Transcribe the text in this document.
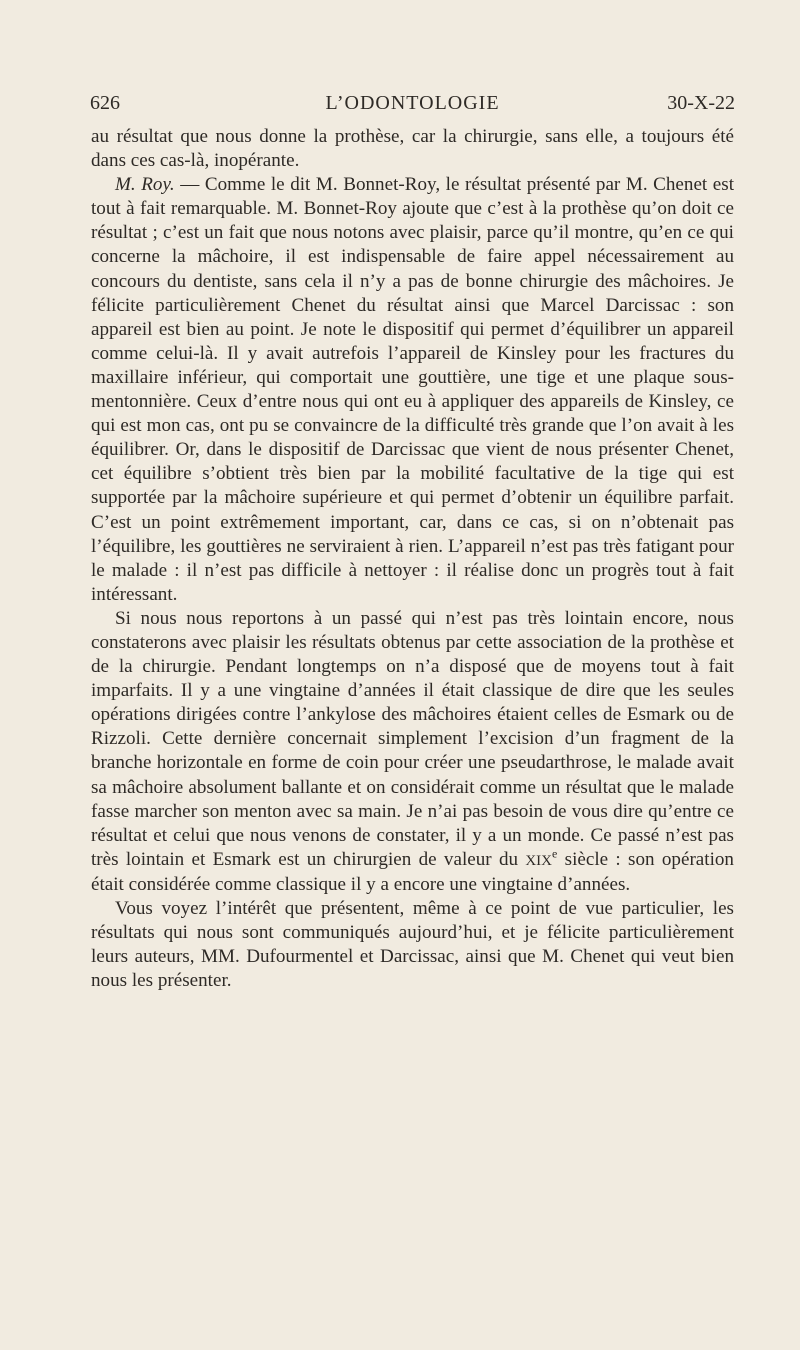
626	L’ODONTOLOGIE	30-X-22

au résultat que nous donne la prothèse, car la chirurgie, sans elle, a toujours été dans ces cas-là, inopérante.

M. Roy. — Comme le dit M. Bonnet-Roy, le résultat présenté par M. Chenet est tout à fait remarquable. M. Bonnet-Roy ajoute que c’est à la prothèse qu’on doit ce résultat ; c’est un fait que nous notons avec plaisir, parce qu’il montre, qu’en ce qui concerne la mâchoire, il est indispensable de faire appel nécessairement au concours du dentiste, sans cela il n’y a pas de bonne chirurgie des mâchoires. Je félicite particulièrement Chenet du résultat ainsi que Marcel Darcissac : son appareil est bien au point. Je note le dispositif qui permet d’équilibrer un appareil comme celui-là. Il y avait autrefois l’appareil de Kinsley pour les fractures du maxillaire inférieur, qui comportait une gouttière, une tige et une plaque sous-mentonnière. Ceux d’entre nous qui ont eu à appliquer des appareils de Kinsley, ce qui est mon cas, ont pu se convaincre de la difficulté très grande que l’on avait à les équilibrer. Or, dans le dispositif de Darcissac que vient de nous présenter Chenet, cet équilibre s’obtient très bien par la mobilité facultative de la tige qui est supportée par la mâchoire supérieure et qui permet d’obtenir un équilibre parfait. C’est un point extrêmement important, car, dans ce cas, si on n’obtenait pas l’équilibre, les gouttières ne serviraient à rien. L’appareil n’est pas très fatigant pour le malade : il n’est pas difficile à nettoyer : il réalise donc un progrès tout à fait intéressant.

Si nous nous reportons à un passé qui n’est pas très lointain encore, nous constaterons avec plaisir les résultats obtenus par cette association de la prothèse et de la chirurgie. Pendant longtemps on n’a disposé que de moyens tout à fait imparfaits. Il y a une vingtaine d’années il était classique de dire que les seules opérations dirigées contre l’ankylose des mâchoires étaient celles de Esmark ou de Rizzoli. Cette dernière concernait simplement l’excision d’un fragment de la branche horizontale en forme de coin pour créer une pseudarthrose, le malade avait sa mâchoire absolument ballante et on considérait comme un résultat que le malade fasse marcher son menton avec sa main. Je n’ai pas besoin de vous dire qu’entre ce résultat et celui que nous venons de constater, il y a un monde. Ce passé n’est pas très lointain et Esmark est un chirurgien de valeur du XIXe siècle : son opération était considérée comme classique il y a encore une vingtaine d’années.

Vous voyez l’intérêt que présentent, même à ce point de vue particulier, les résultats qui nous sont communiqués aujourd’hui, et je félicite particulièrement leurs auteurs, MM. Dufourmentel et Darcissac, ainsi que M. Chenet qui veut bien nous les présenter.
